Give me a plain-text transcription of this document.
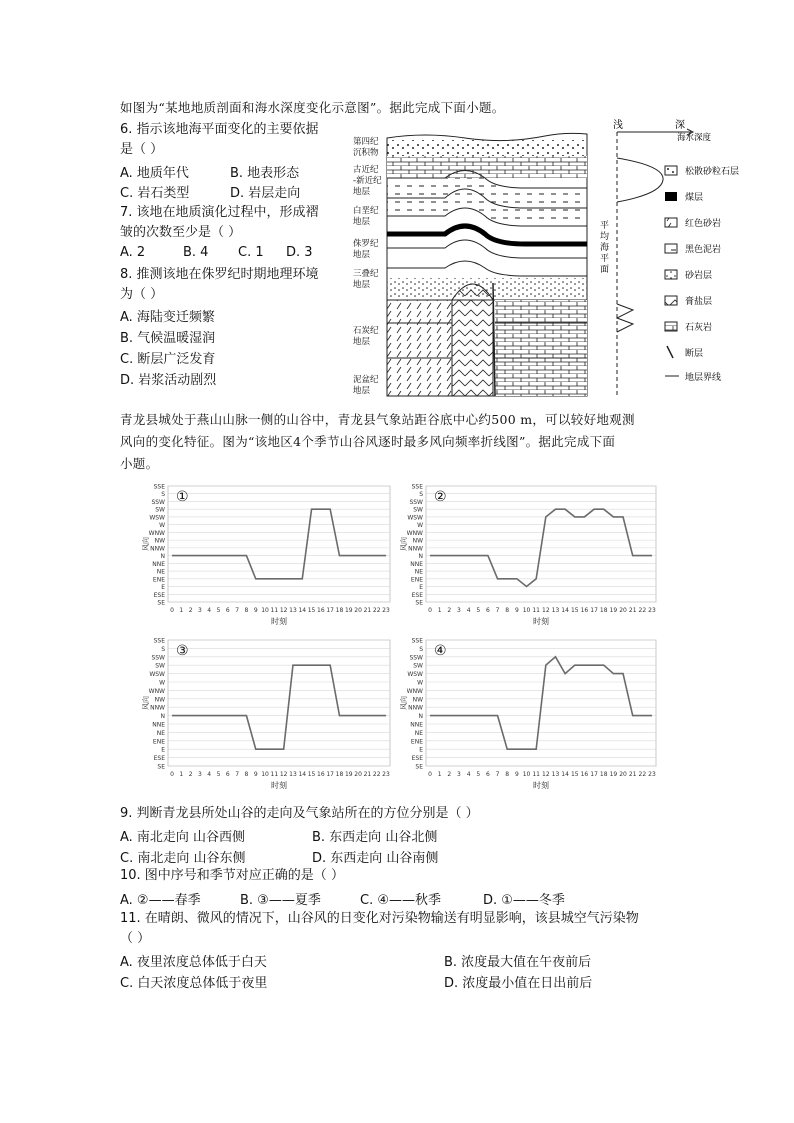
如图为“某地地质剖面和海水深度变化示意图”。据此完成下面小题。
6. 指示该地海平面变化的主要依据
是（ ）
A. 地质年代	B. 地表形态
C. 岩石类型	D. 岩层走向
7. 该地在地质演化过程中，形成褶
皱的次数至少是（ ）
A. 2	B. 4 C. 1 D. 3
8. 推测该地在侏罗纪时期地理环境
为（ ）
A. 海陆变迁频繁
B. 气候温暖湿润
C. 断层广泛发育
D. 岩浆活动剧烈
第四纪
沉积物
古近纪
-新近纪
地层
白垩纪
地层
侏罗纪
地层
三叠纪
地层
石炭纪
地层
泥盆纪
地层
浅	深
海水深度
平
均
海
平
面
松散砂粒石层
煤层
红色砂岩
黑色泥岩
砂岩层
膏盐层
石灰岩
断层
地层界线
青龙县城处于燕山山脉一侧的山谷中，青龙县气象站距谷底中心约500 m，可以较好地观测
风向的变化特征。图为“该地区4个季节山谷风逐时最多风向频率折线图”。据此完成下面
小题。
SSE
S
SSW
SW
WSW
W
WNW
NW
NNW
N
NNE
NE
ENE
E
ESE
SE
0 1 2 3 4 5 6 7 8 9 10 11 12 13 14 15 16 17 18 19 20 21 22 23
时刻
风向
①
SSE
S
SSW
SW
WSW
W
WNW
NW
NNW
N
NNE
NE
ENE
E
ESE
SE
0 1 2 3 4 5 6 7 8 9 10 11 12 13 14 15 16 17 18 19 20 21 22 23
时刻
风向
②
SSE
S
SSW
SW
WSW
W
WNW
NW
NNW
N
NNE
NE
ENE
E
ESE
SE
0 1 2 3 4 5 6 7 8 9 10 11 12 13 14 15 16 17 18 19 20 21 22 23
时刻
风向
③
SSE
S
SSW
SW
WSW
W
WNW
NW
NNW
N
NNE
NE
ENE
E
ESE
SE
0 1 2 3 4 5 6 7 8 9 10 11 12 13 14 15 16 17 18 19 20 21 22 23
时刻
风向
④
9. 判断青龙县所处山谷的走向及气象站所在的方位分别是（ ）
A. 南北走向 山谷西侧	B. 东西走向 山谷北侧
C. 南北走向 山谷东侧	D. 东西走向 山谷南侧
10. 图中序号和季节对应正确的是（ ）
A. ②——春季	B. ③——夏季	C. ④——秋季	D. ①——冬季
11. 在晴朗、微风的情况下，山谷风的日变化对污染物输送有明显影响，该县城空气污染物
（ ）
A. 夜里浓度总体低于白天	B. 浓度最大值在午夜前后
C. 白天浓度总体低于夜里	D. 浓度最小值在日出前后
